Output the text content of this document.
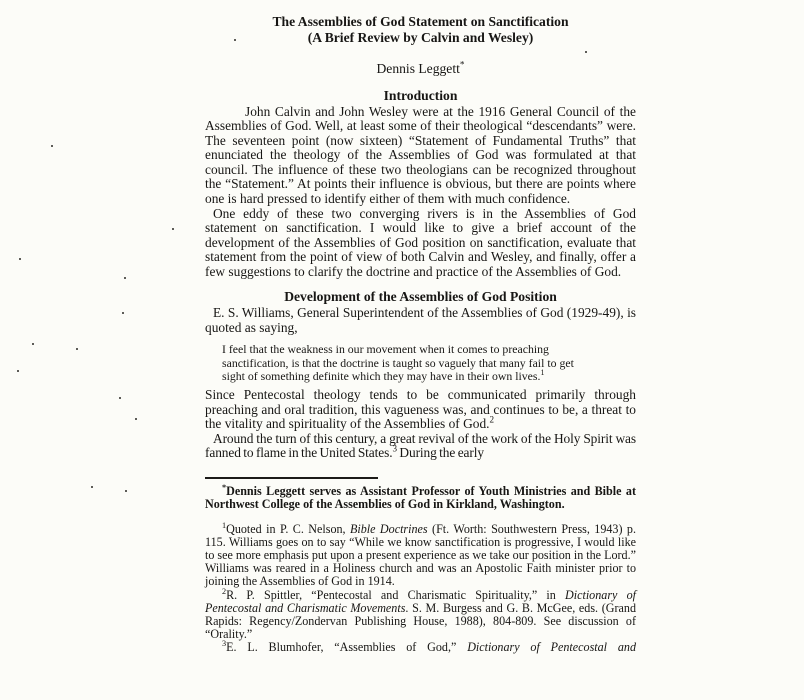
The Assemblies of God Statement on Sanctification
(A Brief Review by Calvin and Wesley)
Dennis Leggett*
Introduction

John Calvin and John Wesley were at the 1916 General Council of the Assemblies of God. Well, at least some of their theological “descendants” were. The seventeen point (now sixteen) “Statement of Fundamental Truths” that enunciated the theology of the Assemblies of God was formulated at that council. The influence of these two theologians can be recognized throughout the “Statement.” At points their influence is obvious, but there are points where one is hard pressed to identify either of them with much confidence.

One eddy of these two converging rivers is in the Assemblies of God statement on sanctification. I would like to give a brief account of the development of the Assemblies of God position on sanctification, evaluate that statement from the point of view of both Calvin and Wesley, and finally, offer a few suggestions to clarify the doctrine and practice of the Assemblies of God.

Development of the Assemblies of God Position

E. S. Williams, General Superintendent of the Assemblies of God (1929-49), is quoted as saying,

I feel that the weakness in our movement when it comes to preaching sanctification, is that the doctrine is taught so vaguely that many fail to get sight of something definite which they may have in their own lives.$^1$

Since Pentecostal theology tends to be communicated primarily through preaching and oral tradition, this vagueness was, and continues to be, a threat to the vitality and spirituality of the Assemblies of God.$^2$

Around the turn of this century, a great revival of the work of the Holy Spirit was fanned to flame in the United States.$^3$ During the early

*Dennis Leggett serves as Assistant Professor of Youth Ministries and Bible at Northwest College of the Assemblies of God in Kirkland, Washington.

$^1$Quoted in P. C. Nelson, Bible Doctrines (Ft. Worth: Southwestern Press, 1943) p. 115. Williams goes on to say “While we know sanctification is progressive, I would like to see more emphasis put upon a present experience as we take our position in the Lord.” Williams was reared in a Holiness church and was an Apostolic Faith minister prior to joining the Assemblies of God in 1914.

$^2$R. P. Spittler, “Pentecostal and Charismatic Spirituality,” in Dictionary of Pentecostal and Charismatic Movements. S. M. Burgess and G. B. McGee, eds. (Grand Rapids: Regency/Zondervan Publishing House, 1988), 804-809. See discussion of “Orality.”

$^3$E. L. Blumhofer, “Assemblies of God,” Dictionary of Pentecostal and
